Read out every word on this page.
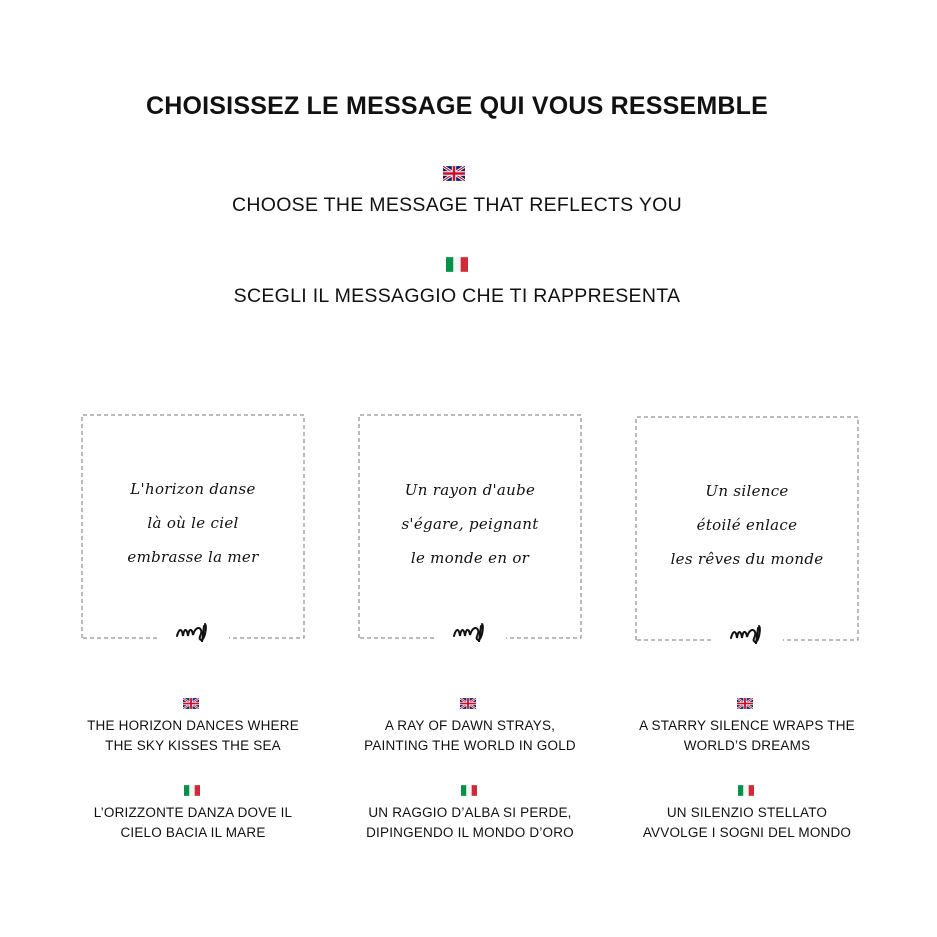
CHOISISSEZ LE MESSAGE QUI VOUS RESSEMBLE
CHOOSE THE MESSAGE THAT REFLECTS YOU
SCEGLI IL MESSAGGIO CHE TI RAPPRESENTA
L'horizon danse
là où le ciel
embrasse la mer
Un rayon d'aube
s'égare, peignant
le monde en or
Un silence
étoilé enlace
les rêves du monde
THE HORIZON DANCES WHERE
THE SKY KISSES THE SEA
L’ORIZZONTE DANZA DOVE IL
CIELO BACIA IL MARE
A RAY OF DAWN STRAYS,
PAINTING THE WORLD IN GOLD
UN RAGGIO D’ALBA SI PERDE,
DIPINGENDO IL MONDO D’ORO
A STARRY SILENCE WRAPS THE
WORLD’S DREAMS
UN SILENZIO STELLATO
AVVOLGE I SOGNI DEL MONDO
